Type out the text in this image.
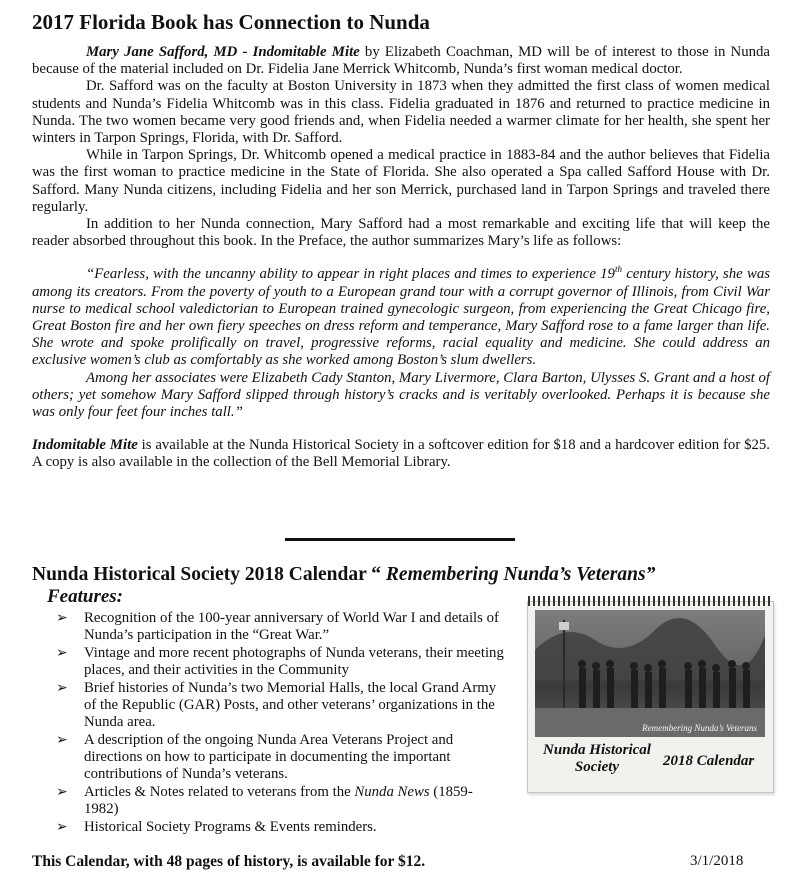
2017 Florida Book has Connection to Nunda

Mary Jane Safford, MD - Indomitable Mite by Elizabeth Coachman, MD will be of interest to those in Nunda because of the material included on Dr. Fidelia Jane Merrick Whitcomb, Nunda’s first woman medical doctor.

Dr. Safford was on the faculty at Boston University in 1873 when they admitted the first class of women medical students and Nunda’s Fidelia Whitcomb was in this class. Fidelia graduated in 1876 and returned to practice medicine in Nunda. The two women became very good friends and, when Fidelia needed a warmer climate for her health, she spent her winters in Tarpon Springs, Florida, with Dr. Safford.

While in Tarpon Springs, Dr. Whitcomb opened a medical practice in 1883-84 and the author believes that Fidelia was the first woman to practice medicine in the State of Florida. She also operated a Spa called Safford House with Dr. Safford. Many Nunda citizens, including Fidelia and her son Merrick, purchased land in Tarpon Springs and traveled there regularly.

In addition to her Nunda connection, Mary Safford had a most remarkable and exciting life that will keep the reader absorbed throughout this book. In the Preface, the author summarizes Mary’s life as follows:

“Fearless, with the uncanny ability to appear in right places and times to experience 19th century history, she was among its creators. From the poverty of youth to a European grand tour with a corrupt governor of Illinois, from Civil War nurse to medical school valedictorian to European trained gynecologic surgeon, from experiencing the Great Chicago fire, Great Boston fire and her own fiery speeches on dress reform and temperance, Mary Safford rose to a fame larger than life. She wrote and spoke prolifically on travel, progressive reforms, racial equality and medicine. She could address an exclusive women’s club as comfortably as she worked among Boston’s slum dwellers.

Among her associates were Elizabeth Cady Stanton, Mary Livermore, Clara Barton, Ulysses S. Grant and a host of others; yet somehow Mary Safford slipped through history’s cracks and is veritably overlooked. Perhaps it is because she was only four feet four inches tall.”

Indomitable Mite is available at the Nunda Historical Society in a softcover edition for $18 and a hardcover edition for $25. A copy is also available in the collection of the Bell Memorial Library.

Nunda Historical Society 2018 Calendar “ Remembering Nunda’s Veterans”
Features:
➢ Recognition of the 100-year anniversary of World War I and details of Nunda’s participation in the “Great War.”
➢ Vintage and more recent photographs of Nunda veterans, their meeting places, and their activities in the Community
➢ Brief histories of Nunda’s two Memorial Halls, the local Grand Army of the Republic (GAR) Posts, and other veterans’ organizations in the Nunda area.
➢ A description of the ongoing Nunda Area Veterans Project and directions on how to participate in documenting the important contributions of Nunda’s veterans.
➢ Articles & Notes related to veterans from the Nunda News (1859-1982)
➢ Historical Society Programs & Events reminders.
Remembering Nunda’s Veterans
Nunda Historical
Society	2018 Calendar
This Calendar, with 48 pages of history, is available for $12.	3/1/2018
